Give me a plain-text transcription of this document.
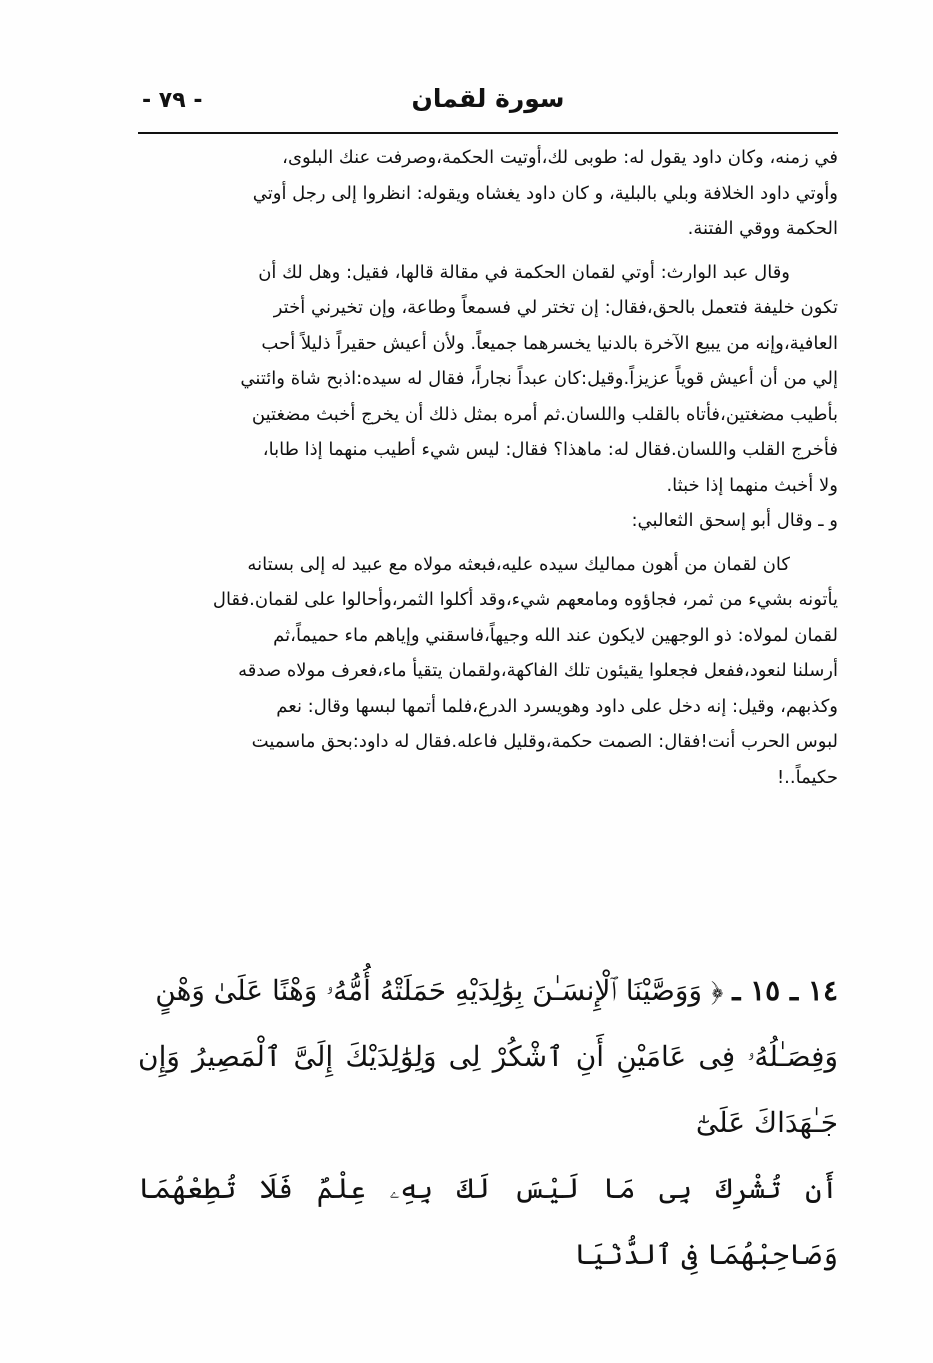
سورة لقمان
- ٧٩ -

في زمنه، وكان داود يقول له: طوبى لك،أوتيت الحكمة،وصرفت عنك البلوى،

وأوتي داود الخلافة وبلي بالبلية، و كان داود يغشاه ويقوله: انظروا إلى رجل أوتي

الحكمة ووقي الفتنة.

وقال عبد الوارث: أوتي لقمان الحكمة في مقالة قالها، فقيل: وهل لك أن

تكون خليفة فتعمل بالحق،فقال: إن تختر لي فسمعاً وطاعة، وإن تخيرني أختر

العافية،وإنه من يبيع الآخرة بالدنيا يخسرهما جميعاً. ولأن أعيش حقيراً ذليلاً أحب

إلي من أن أعيش قوياً عزيزاً.وقيل:كان عبداً نجاراً، فقال له سيده:اذبح شاة وائتني

بأطيب مضغتين،فأتاه بالقلب واللسان.ثم أمره بمثل ذلك أن يخرج أخبث مضغتين

فأخرج القلب واللسان.فقال له: ماهذا؟ فقال: ليس شيء أطيب منهما إذا طابا،

ولا أخبث منهما إذا خبثا.

و ـ وقال أبو إسحق الثعالبي:

كان لقمان من أهون مماليك سيده عليه،فبعثه مولاه مع عبيد له إلى بستانه

يأتونه بشيء من ثمر، فجاؤوه ومامعهم شيء،وقد أكلوا الثمر،وأحالوا على لقمان.فقال

لقمان لمولاه: ذو الوجهين لايكون عند الله وجيهاً،فاسقني وإياهم ماء حميماً،ثم

أرسلنا لنعود،ففعل فجعلوا يقيئون تلك الفاكهة،ولقمان يتقيأ ماء،فعرف مولاه صدقه

وكذبهم، وقيل: إنه دخل على داود وهويسرد الدرع،فلما أتمها لبسها وقال: نعم

لبوس الحرب أنت!فقال: الصمت حكمة،وقليل فاعله.فقال له داود:بحق ماسميت

حكيماً..!

١٤ ـ ١٥ ـ ﴿ وَوَصَّيْنَا ٱلْإِنسَـٰنَ بِوَٰلِدَيْهِ حَمَلَتْهُ أُمُّهُۥ وَهْنًا عَلَىٰ وَهْنٍ

وَفِصَـٰلُهُۥ فِى عَامَيْنِ أَنِ ٱشْكُرْ لِى وَلِوَٰلِدَيْكَ إِلَىَّ ٱلْمَصِيرُ وَإِن جَـٰهَدَاكَ عَلَىٰٓ

أَن تُشْرِكَ بِى مَا لَيْسَ لَكَ بِهِۦ عِلْمٌ فَلَا تُطِعْهُمَا وَصَاحِبْهُمَا فِى ٱلدُّنْيَا
